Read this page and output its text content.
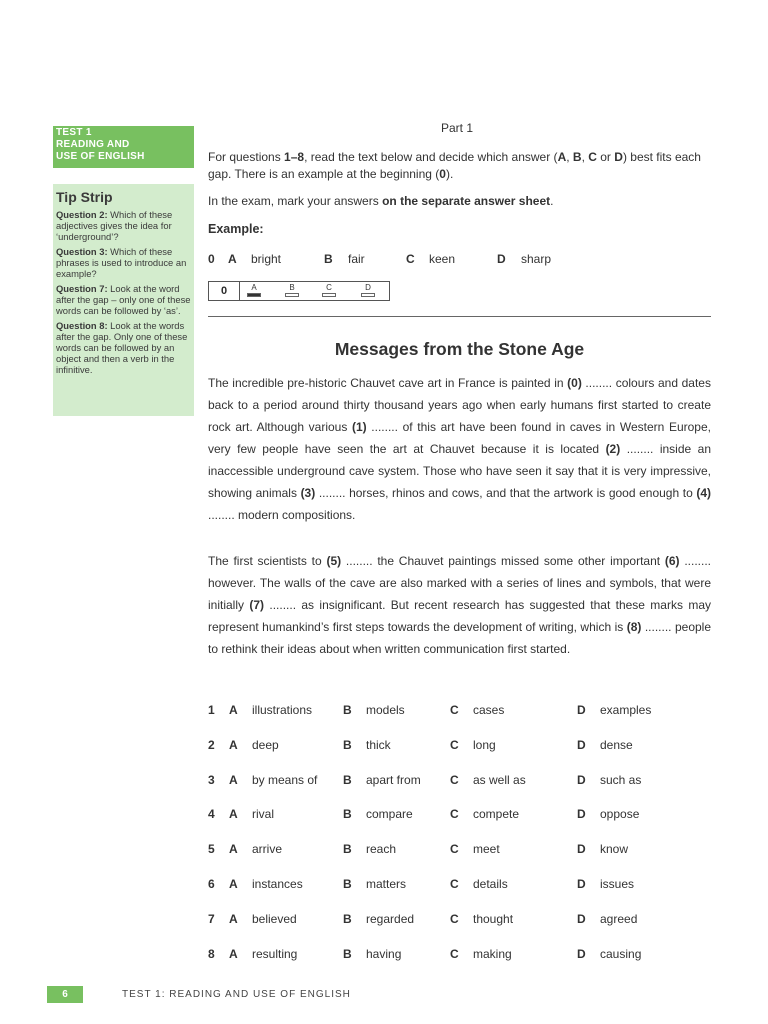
TEST 1
READING AND
USE OF ENGLISH
Tip Strip
Question 2: Which of these adjectives gives the idea for ‘underground’?
Question 3: Which of these phrases is used to introduce an example?
Question 7: Look at the word after the gap – only one of these words can be followed by ‘as’.
Question 8: Look at the words after the gap. Only one of these words can be followed by an object and then a verb in the infinitive.
Part 1
For questions 1–8, read the text below and decide which answer (A, B, C or D) best fits each gap. There is an example at the beginning (0).
In the exam, mark your answers on the separate answer sheet.
Example:
0 A bright	B fair	C keen	D sharp
0	A	B	C	D
Messages from the Stone Age
The incredible pre-historic Chauvet cave art in France is painted in (0) ........ colours and dates back to a period around thirty thousand years ago when early humans first started to create rock art. Although various (1) ........ of this art have been found in caves in Western Europe, very few people have seen the art at Chauvet because it is located (2) ........ inside an inaccessible underground cave system. Those who have seen it say that it is very impressive, showing animals (3) ........ horses, rhinos and cows, and that the artwork is good enough to (4) ........ modern compositions.
The first scientists to (5) ........ the Chauvet paintings missed some other important (6) ........ however. The walls of the cave are also marked with a series of lines and symbols, that were initially (7) ........ as insignificant. But recent research has suggested that these marks may represent humankind’s first steps towards the development of writing, which is (8) ........ people to rethink their ideas about when written communication first started.
1 A illustrations	B models	C cases	D examples
2 A deep	B thick	C long	D dense
3 A by means of B apart from C as well as	D such as
4 A rival	B compare	C compete	D oppose
5 A arrive	B reach	C meet	D know
6 A instances	B matters	C details	D issues
7 A believed	B regarded	C thought	D agreed
8 A resulting	B having	C making	D causing
6	TEST 1: READING AND USE OF ENGLISH
